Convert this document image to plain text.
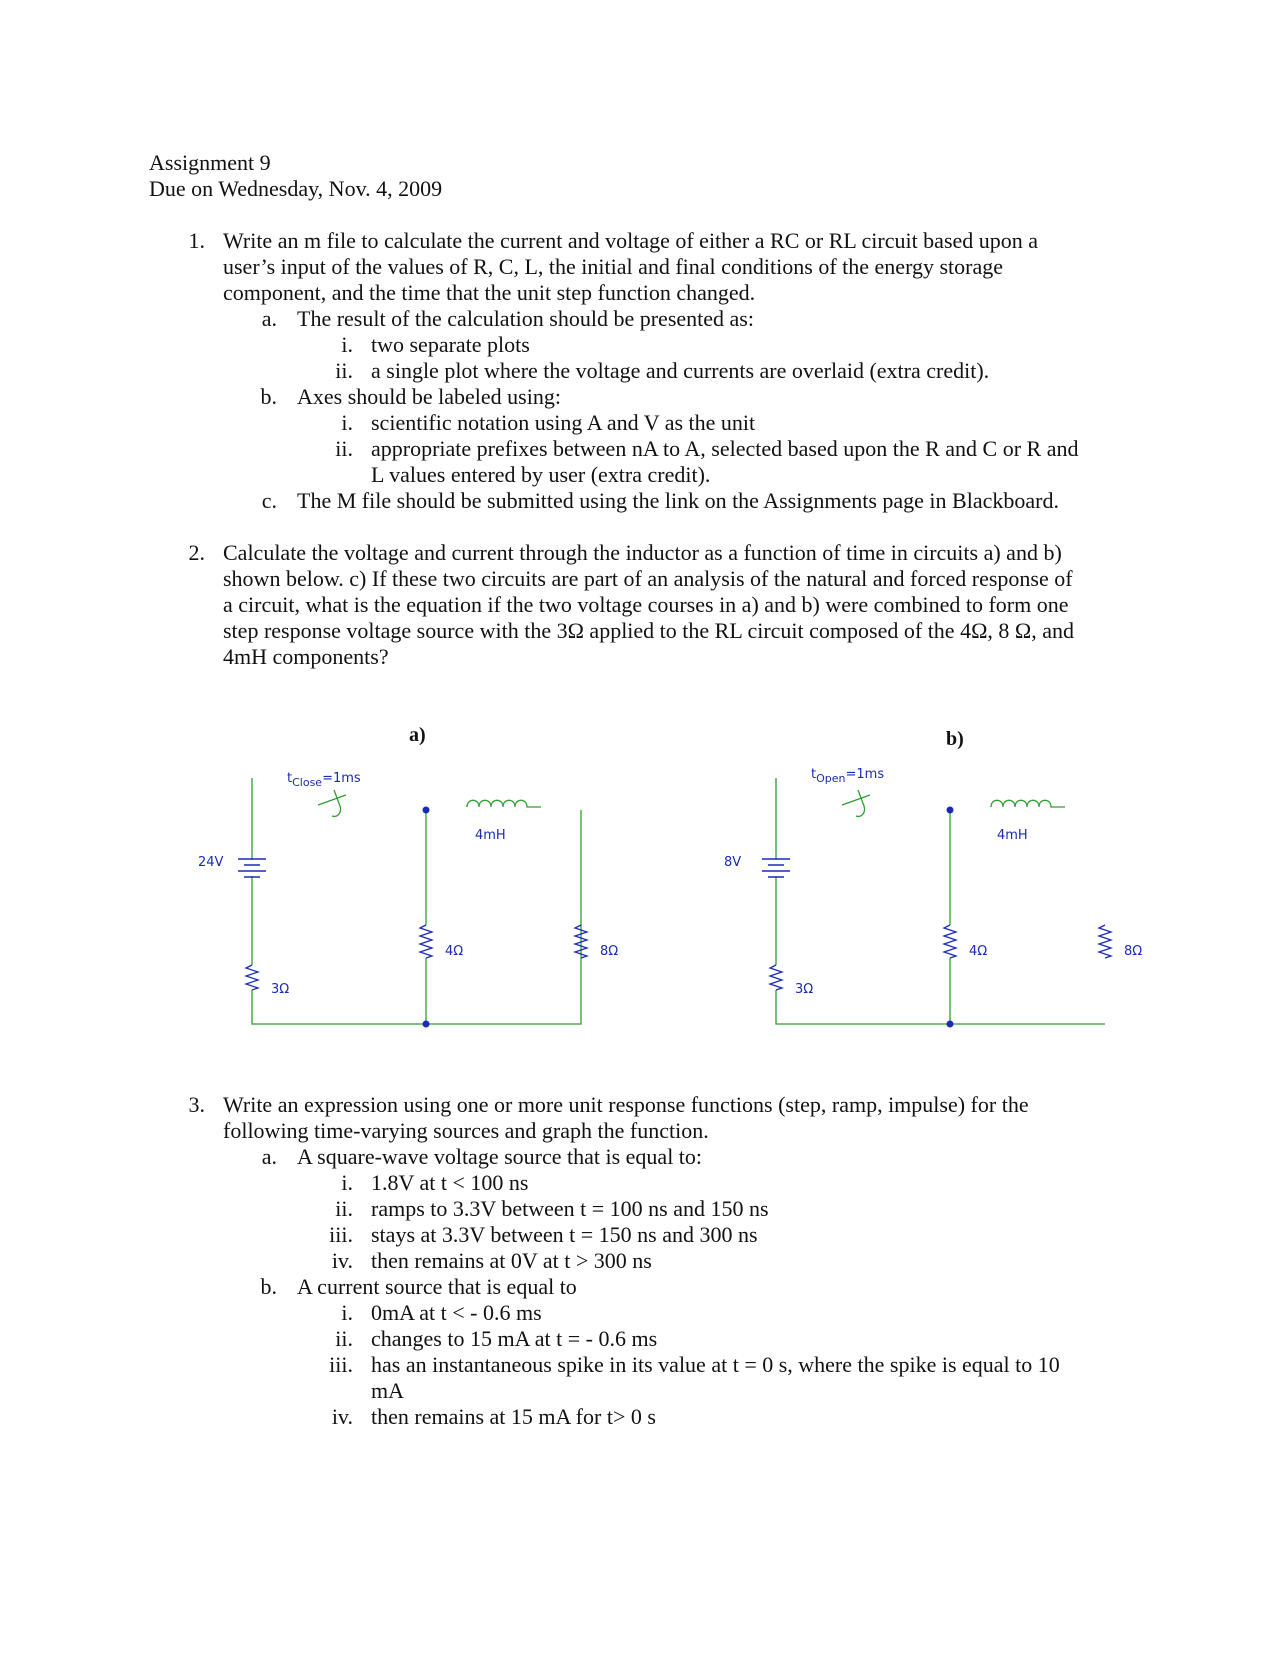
Assignment 9
Due on Wednesday, Nov. 4, 2009
1. Write an m file to calculate the current and voltage of either a RC or RL circuit based upon a
user’s input of the values of R, C, L, the initial and final conditions of the energy storage
component, and the time that the unit step function changed.
a. The result of the calculation should be presented as:
i. two separate plots
ii. a single plot where the voltage and currents are overlaid (extra credit).
b. Axes should be labeled using:
i. scientific notation using A and V as the unit
ii. appropriate prefixes between nA to A, selected based upon the R and C or R and
L values entered by user (extra credit).
c. The M file should be submitted using the link on the Assignments page in Blackboard.
2. Calculate the voltage and current through the inductor as a function of time in circuits a) and b)
shown below. c) If these two circuits are part of an analysis of the natural and forced response of
a circuit, what is the equation if the two voltage courses in a) and b) were combined to form one
step response voltage source with the 3Ω applied to the RL circuit composed of the 4Ω, 8 Ω, and
4mH components?
a)
$t_{Close}=1ms$
24V
3Ω
4Ω	8Ω
4mH
b)
$t_{Open}=1ms$
8V
3Ω
4Ω	8Ω
4mH
3. Write an expression using one or more unit response functions (step, ramp, impulse) for the
following time-varying sources and graph the function.
a. A square-wave voltage source that is equal to:
i. 1.8V at t < 100 ns
ii. ramps to 3.3V between t = 100 ns and 150 ns
iii. stays at 3.3V between t = 150 ns and 300 ns
iv. then remains at 0V at t > 300 ns
b. A current source that is equal to
i. 0mA at t < - 0.6 ms
ii. changes to 15 mA at t = - 0.6 ms
iii. has an instantaneous spike in its value at t = 0 s, where the spike is equal to 10
mA
iv. then remains at 15 mA for t> 0 s
